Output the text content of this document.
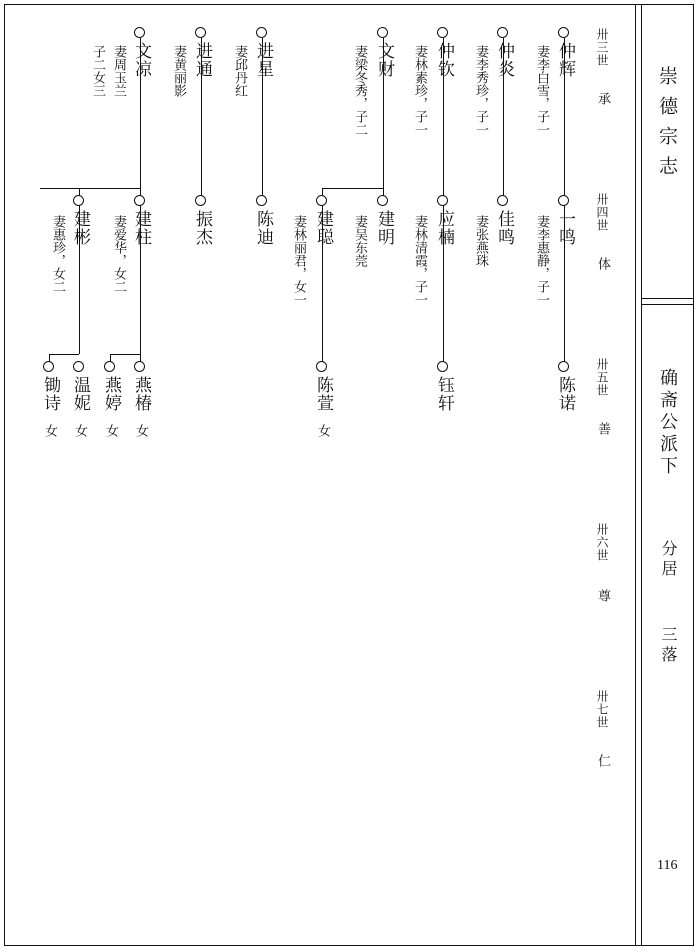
崇德宗志
确斋公派下
分居
三落
116
卅三世
承
卅四世
体
卅五世
善
卅六世
尊
卅七世
仁
仲辉
妻李白雪，子一
仲炎
妻李秀珍，子一
仲钦
妻林素珍，子一
文财
妻梁冬秀，子二
进星
妻邱丹红
进通
妻黄丽影
文凉
妻周玉兰
子二女三
一鸣
妻李惠静，子一
佳鸣
妻张燕珠
应楠
妻林清霞，子一
建明
妻吴东莞
建聪
妻林丽君，女一
陈迪
振杰
建柱
妻爱华，女二
建彬
妻惠珍，女二
陈诺
钰轩
陈萱
女
燕椿
女
燕婷
女
温妮
女
锄诗
女
